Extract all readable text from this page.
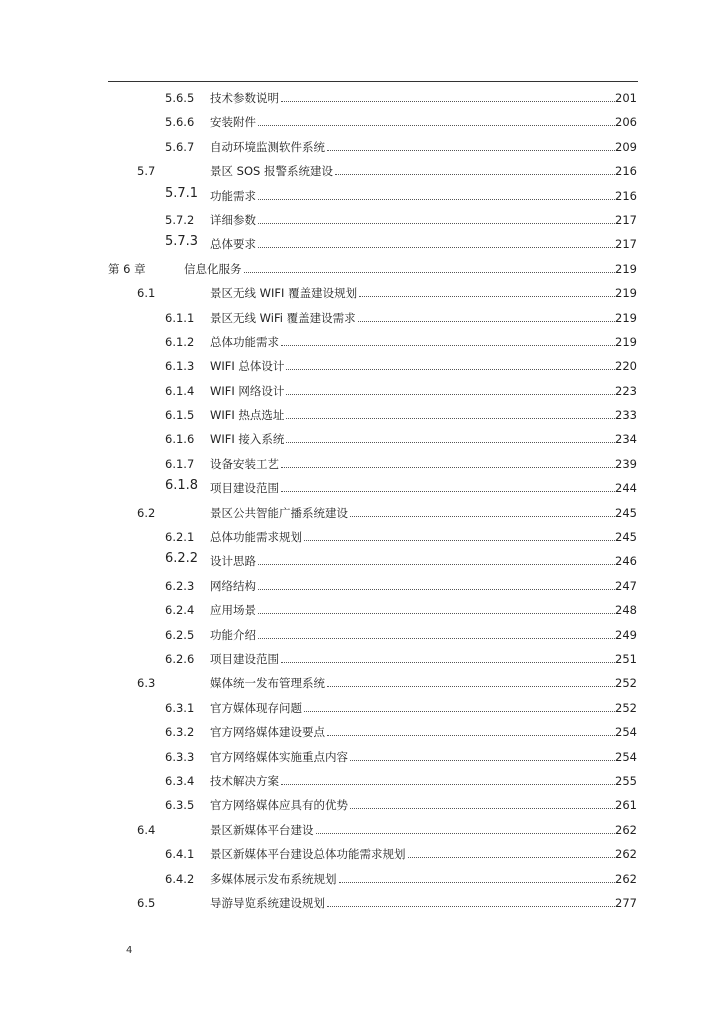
5.6.5 技术参数说明	201
5.6.6 安装附件	206
5.6.7 自动环境监测软件系统	209
5.7	景区 SOS 报警系统建设	216
5.7.1 功能需求	216
5.7.2 详细参数	217
5.7.3 总体要求	217
第 6 章	信息化服务	219
6.1	景区无线 WIFI 覆盖建设规划	219
6.1.1 景区无线 WiFi 覆盖建设需求	219
6.1.2 总体功能需求	219
6.1.3 WIFI 总体设计	220
6.1.4 WIFI 网络设计	223
6.1.5 WIFI 热点选址	233
6.1.6 WIFI 接入系统	234
6.1.7 设备安装工艺	239
6.1.8 项目建设范围	244
6.2	景区公共智能广播系统建设	245
6.2.1 总体功能需求规划	245
6.2.2 设计思路	246
6.2.3 网络结构	247
6.2.4 应用场景	248
6.2.5 功能介绍	249
6.2.6 项目建设范围	251
6.3	媒体统一发布管理系统	252
6.3.1 官方媒体现存问题	252
6.3.2 官方网络媒体建设要点	254
6.3.3 官方网络媒体实施重点内容	254
6.3.4 技术解决方案	255
6.3.5 官方网络媒体应具有的优势	261
6.4	景区新媒体平台建设	262
6.4.1 景区新媒体平台建设总体功能需求规划	262
6.4.2 多媒体展示发布系统规划	262
6.5	导游导览系统建设规划	277
4
